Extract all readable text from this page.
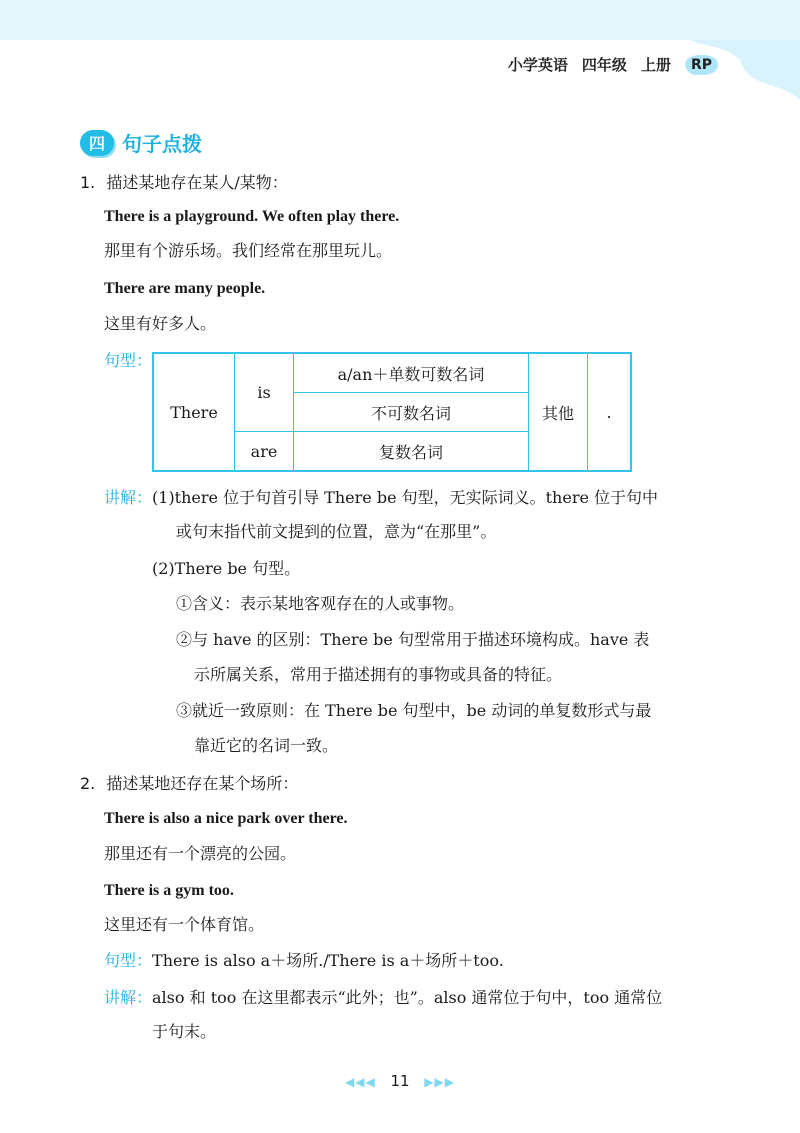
小学英语 四年级 上册	RP
四 句子点拨
1. 描述某地存在某人/某物：
There is a playground. We often play there.
那里有个游乐场。我们经常在那里玩儿。
There are many people.
这里有好多人。
句型：
There	is	a/an＋单数可数名词	其他	.
		不可数名词		
	are	复数名词		
讲解：(1)there 位于句首引导 There be 句型，无实际词义。there 位于句中
或句末指代前文提到的位置，意为“在那里”。
(2)There be 句型。
①含义：表示某地客观存在的人或事物。
②与 have 的区别：There be 句型常用于描述环境构成。have 表
示所属关系，常用于描述拥有的事物或具备的特征。
③就近一致原则：在 There be 句型中，be 动词的单复数形式与最
靠近它的名词一致。
2. 描述某地还存在某个场所：
There is also a nice park over there.
那里还有一个漂亮的公园。
There is a gym too.
这里还有一个体育馆。
句型：There is also a＋场所./There is a＋场所＋too.
讲解：also 和 too 在这里都表示“此外；也”。also 通常位于句中，too 通常位
于句末。
◀◀◀ 11 ▶▶▶
